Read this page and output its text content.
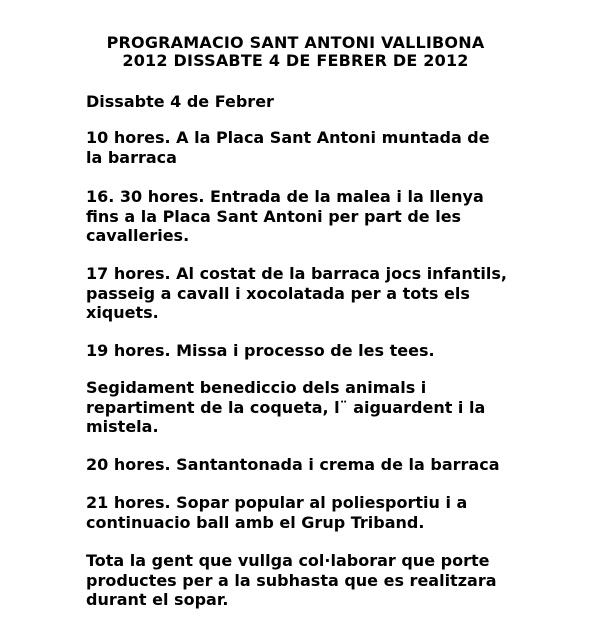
PROGRAMACIO SANT ANTONI VALLIBONA
2012 DISSABTE 4 DE FEBRER DE 2012
Dissabte 4 de Febrer
10 hores. A la Placa Sant Antoni muntada de
la barraca
16. 30 hores. Entrada de la malea i la llenya
fins a la Placa Sant Antoni per part de les
cavalleries.
17 hores. Al costat de la barraca jocs infantils,
passeig a cavall i xocolatada per a tots els
xiquets.
19 hores. Missa i processo de les tees.
Segidament benediccio dels animals i
repartiment de la coqueta, l¨ aiguardent i la
mistela.
20 hores. Santantonada i crema de la barraca
21 hores. Sopar popular al poliesportiu i a
continuacio ball amb el Grup Triband.
Tota la gent que vullga col·laborar que porte
productes per a la subhasta que es realitzara
durant el sopar.
